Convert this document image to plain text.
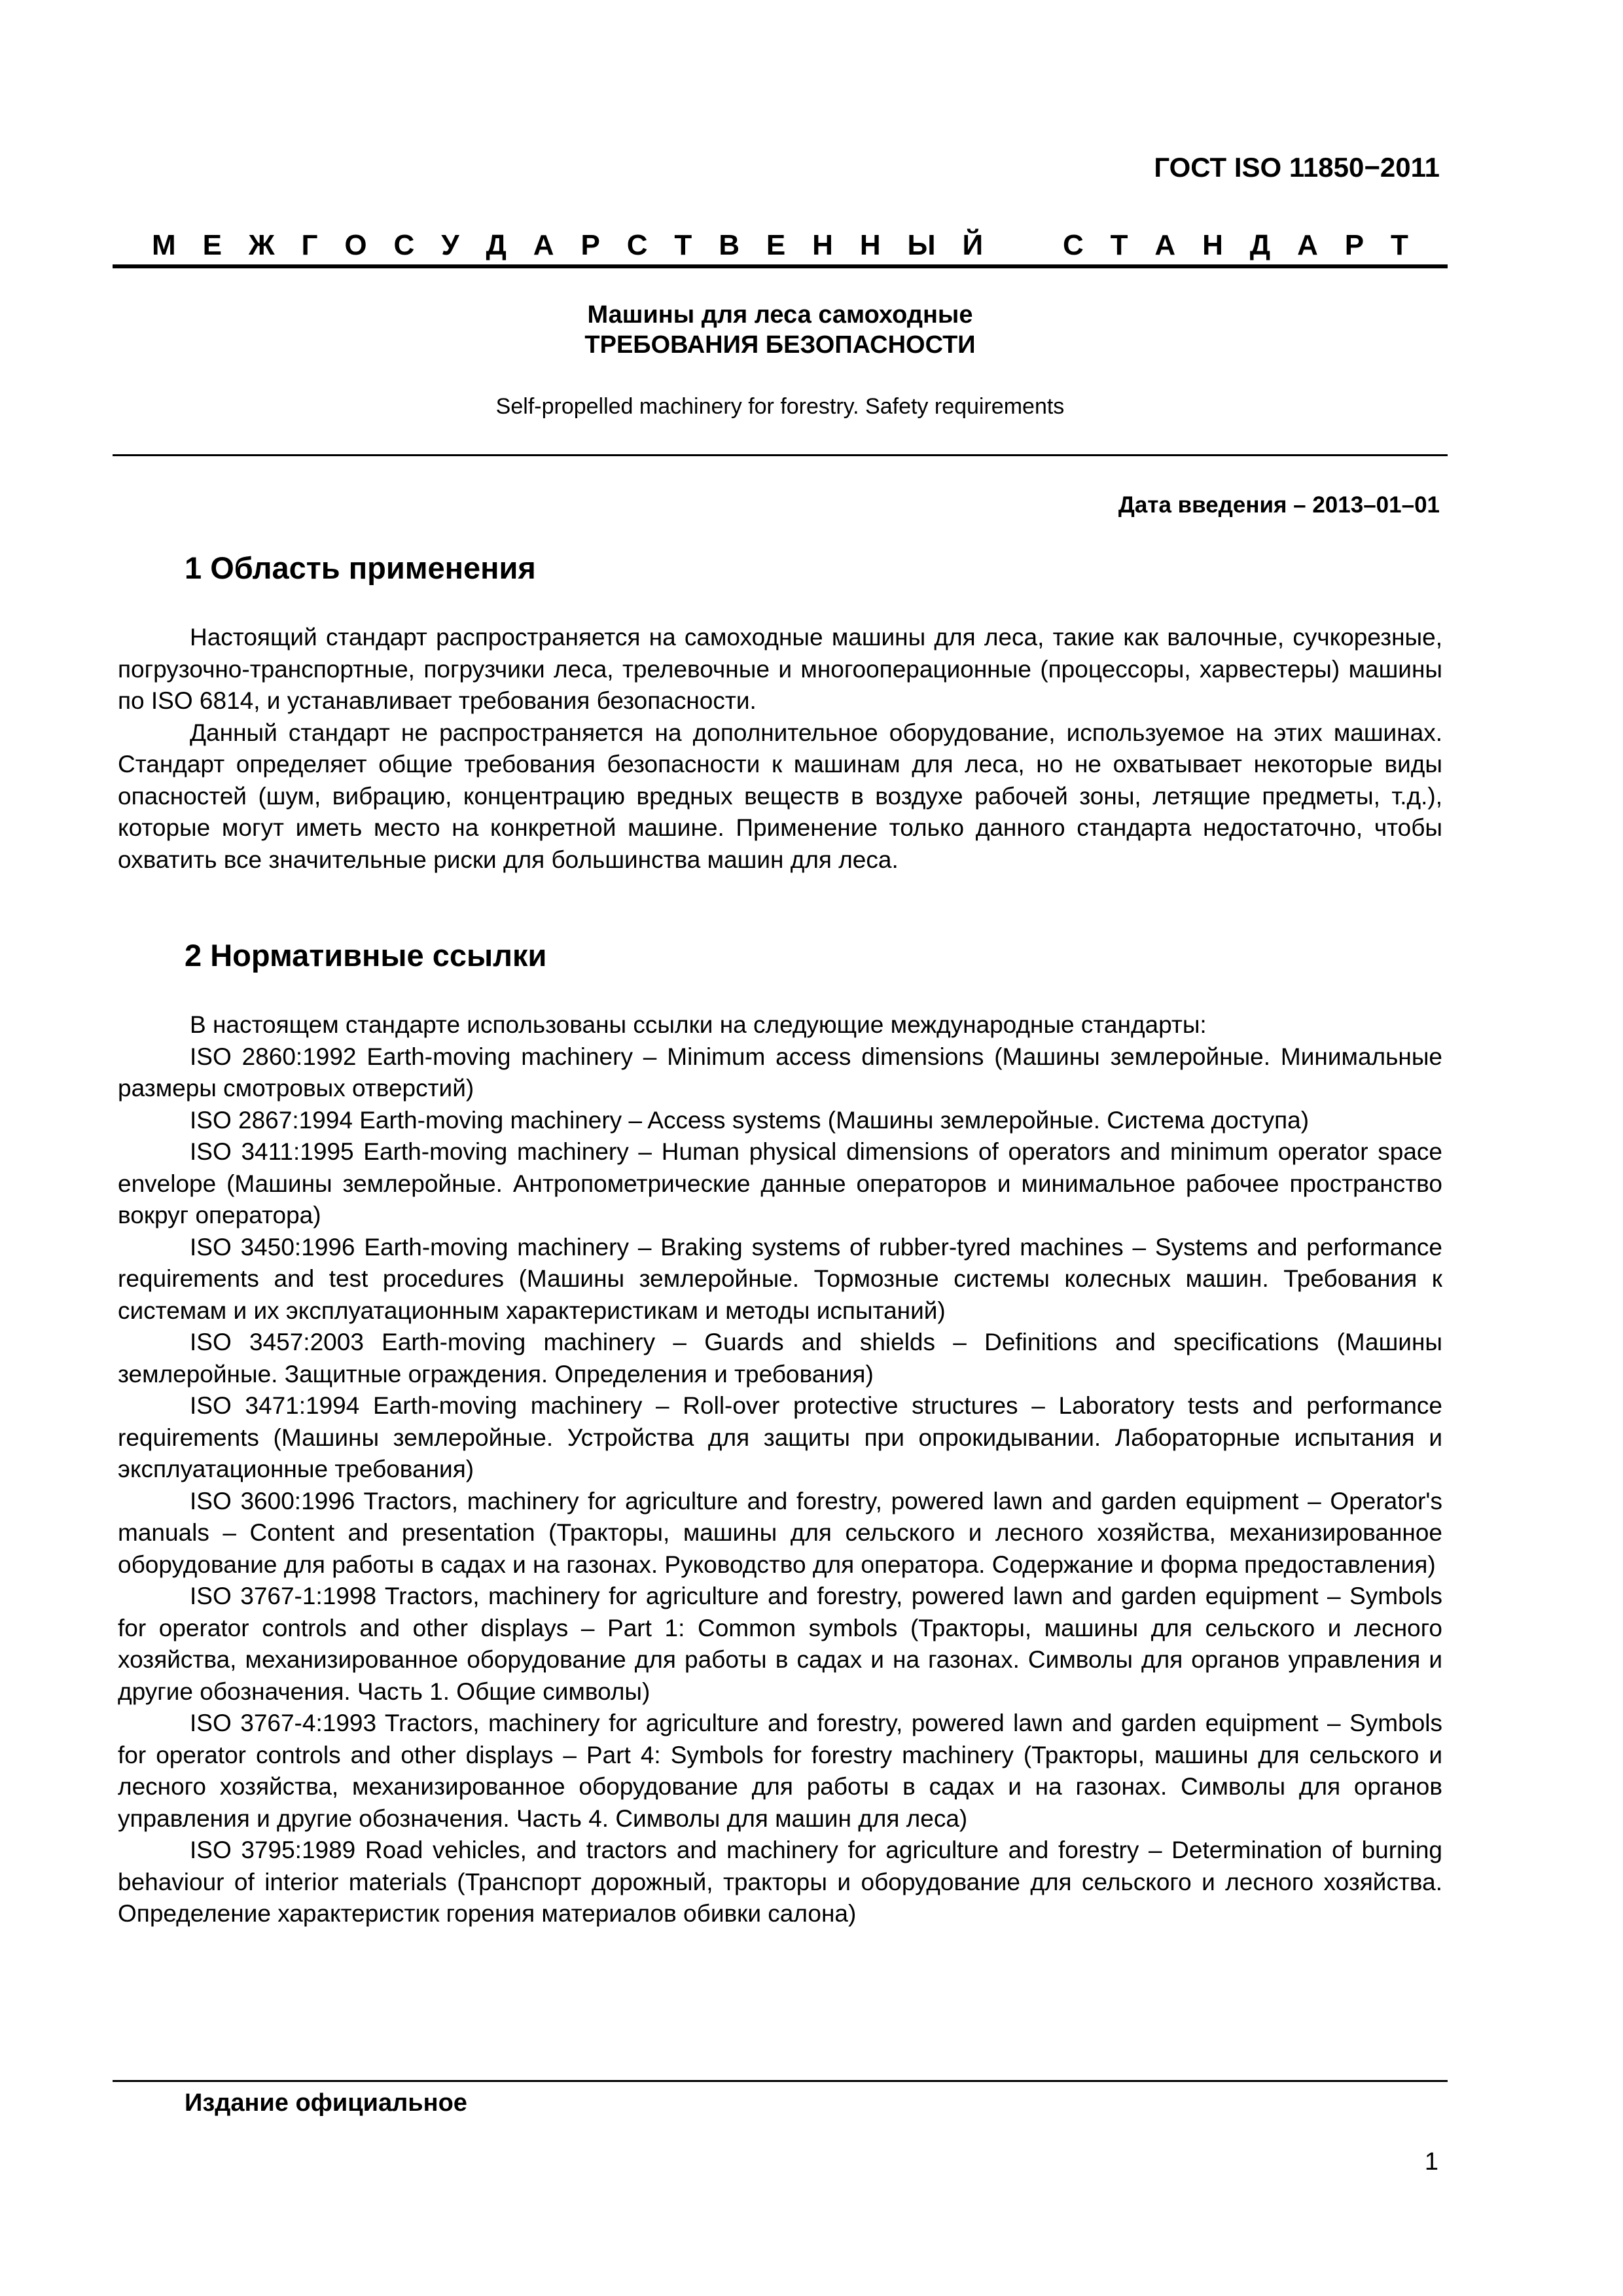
ГОСТ ISO 11850−2011
М Е Ж Г О С У Д А Р С Т В Е Н Н Ы Й	С Т А Н Д А Р Т
Машины для леса самоходные
ТРЕБОВАНИЯ БЕЗОПАСНОСТИ
Self-propelled machinery for forestry. Safety requirements
Дата введения – 2013–01–01
1 Область применения

Настоящий стандарт распространяется на самоходные машины для леса, такие как валочные, сучкорезные, погрузочно-транспортные, погрузчики леса, трелевочные и многооперационные (процессоры, харвестеры) машины по ISO 6814, и устанавливает требования безопасности.

Данный стандарт не распространяется на дополнительное оборудование, используемое на этих машинах. Стандарт определяет общие требования безопасности к машинам для леса, но не охватывает некоторые виды опасностей (шум, вибрацию, концентрацию вредных веществ в воздухе рабочей зоны, летящие предметы, т.д.), которые могут иметь место на конкретной машине. Применение только данного стандарта недостаточно, чтобы охватить все значительные риски для большинства машин для леса.

2 Нормативные ссылки

В настоящем стандарте использованы ссылки на следующие международные стандарты:

ISO 2860:1992 Earth-moving machinery – Minimum access dimensions (Машины землеройные. Минимальные размеры смотровых отверстий)

ISO 2867:1994 Earth-moving machinery – Access systems (Машины землеройные. Система доступа)

ISO 3411:1995 Earth-moving machinery – Human physical dimensions of operators and minimum operator space envelope (Машины землеройные. Антропометрические данные операторов и минимальное рабочее пространство вокруг оператора)

ISO 3450:1996 Earth-moving machinery – Braking systems of rubber-tyred machines – Systems and performance requirements and test procedures (Машины землеройные. Тормозные системы колесных машин. Требования к системам и их эксплуатационным характеристикам и методы испытаний)

ISO 3457:2003 Earth-moving machinery – Guards and shields – Definitions and specifications (Машины землеройные. Защитные ограждения. Определения и требования)

ISO 3471:1994 Earth-moving machinery – Roll-over protective structures – Laboratory tests and performance requirements (Машины землеройные. Устройства для защиты при опрокидывании. Лабораторные испытания и эксплуатационные требования)

ISO 3600:1996 Tractors, machinery for agriculture and forestry, powered lawn and garden equipment – Operator's manuals – Content and presentation (Тракторы, машины для сельского и лесного хозяйства, механизированное оборудование для работы в садах и на газонах. Руководство для оператора. Содержание и форма предоставления)

ISO 3767-1:1998 Tractors, machinery for agriculture and forestry, powered lawn and garden equipment – Symbols for operator controls and other displays – Part 1: Common symbols (Тракторы, машины для сельского и лесного хозяйства, механизированное оборудование для работы в садах и на газонах. Символы для органов управления и другие обозначения. Часть 1. Общие символы)

ISO 3767-4:1993 Tractors, machinery for agriculture and forestry, powered lawn and garden equipment – Symbols for operator controls and other displays – Part 4: Symbols for forestry machinery (Тракторы, машины для сельского и лесного хозяйства, механизированное оборудование для работы в садах и на газонах. Символы для органов управления и другие обозначения. Часть 4. Символы для машин для леса)

ISO 3795:1989 Road vehicles, and tractors and machinery for agriculture and forestry – Determination of burning behaviour of interior materials (Транспорт дорожный, тракторы и оборудование для сельского и лесного хозяйства. Определение характеристик горения материалов обивки салона)

Издание официальное
1
